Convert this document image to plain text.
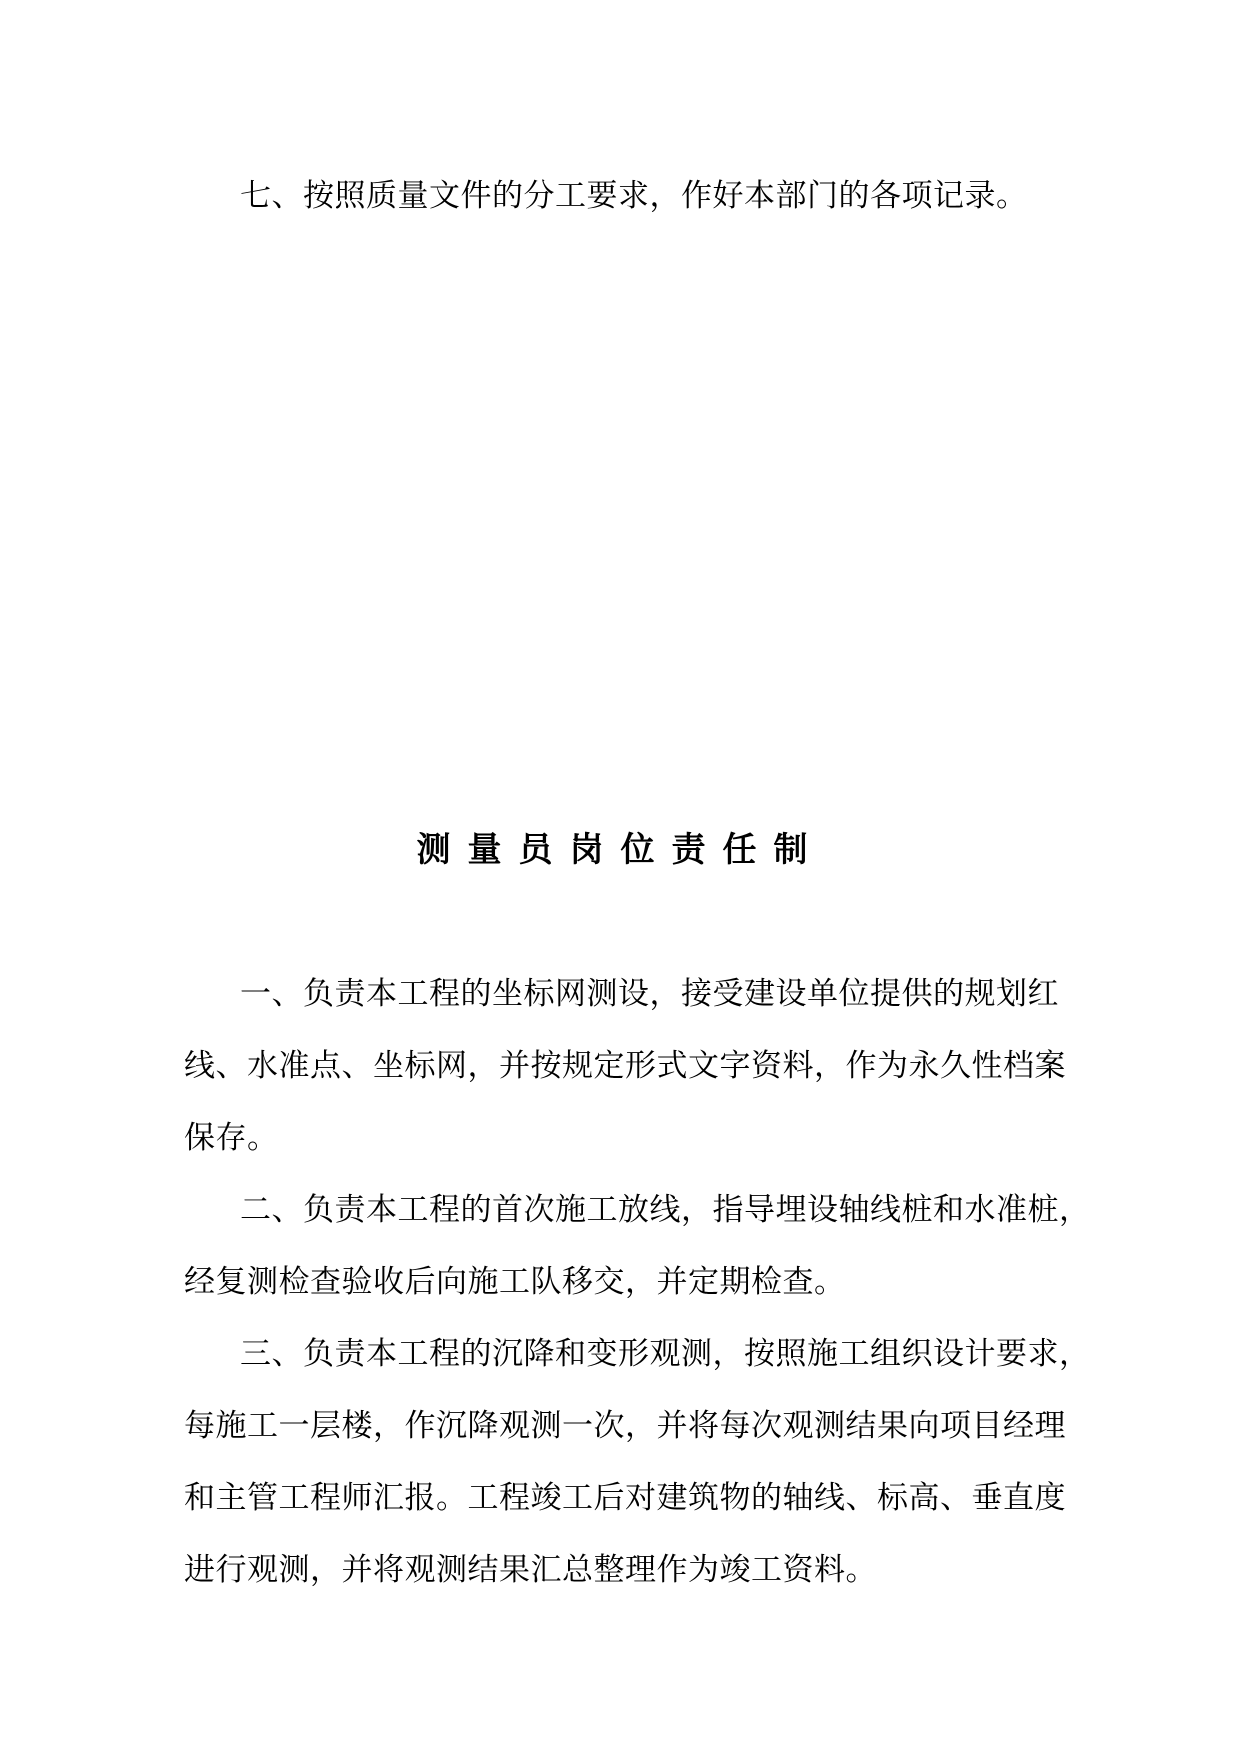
七、按照质量文件的分工要求，作好本部门的各项记录。
测量员岗位责任制
一、负责本工程的坐标网测设，接受建设单位提供的规划红
线、水准点、坐标网，并按规定形式文字资料，作为永久性档案
保存。
二、负责本工程的首次施工放线，指导埋设轴线桩和水准桩，
经复测检查验收后向施工队移交，并定期检查。
三、负责本工程的沉降和变形观测，按照施工组织设计要求，
每施工一层楼，作沉降观测一次，并将每次观测结果向项目经理
和主管工程师汇报。工程竣工后对建筑物的轴线、标高、垂直度
进行观测，并将观测结果汇总整理作为竣工资料。
